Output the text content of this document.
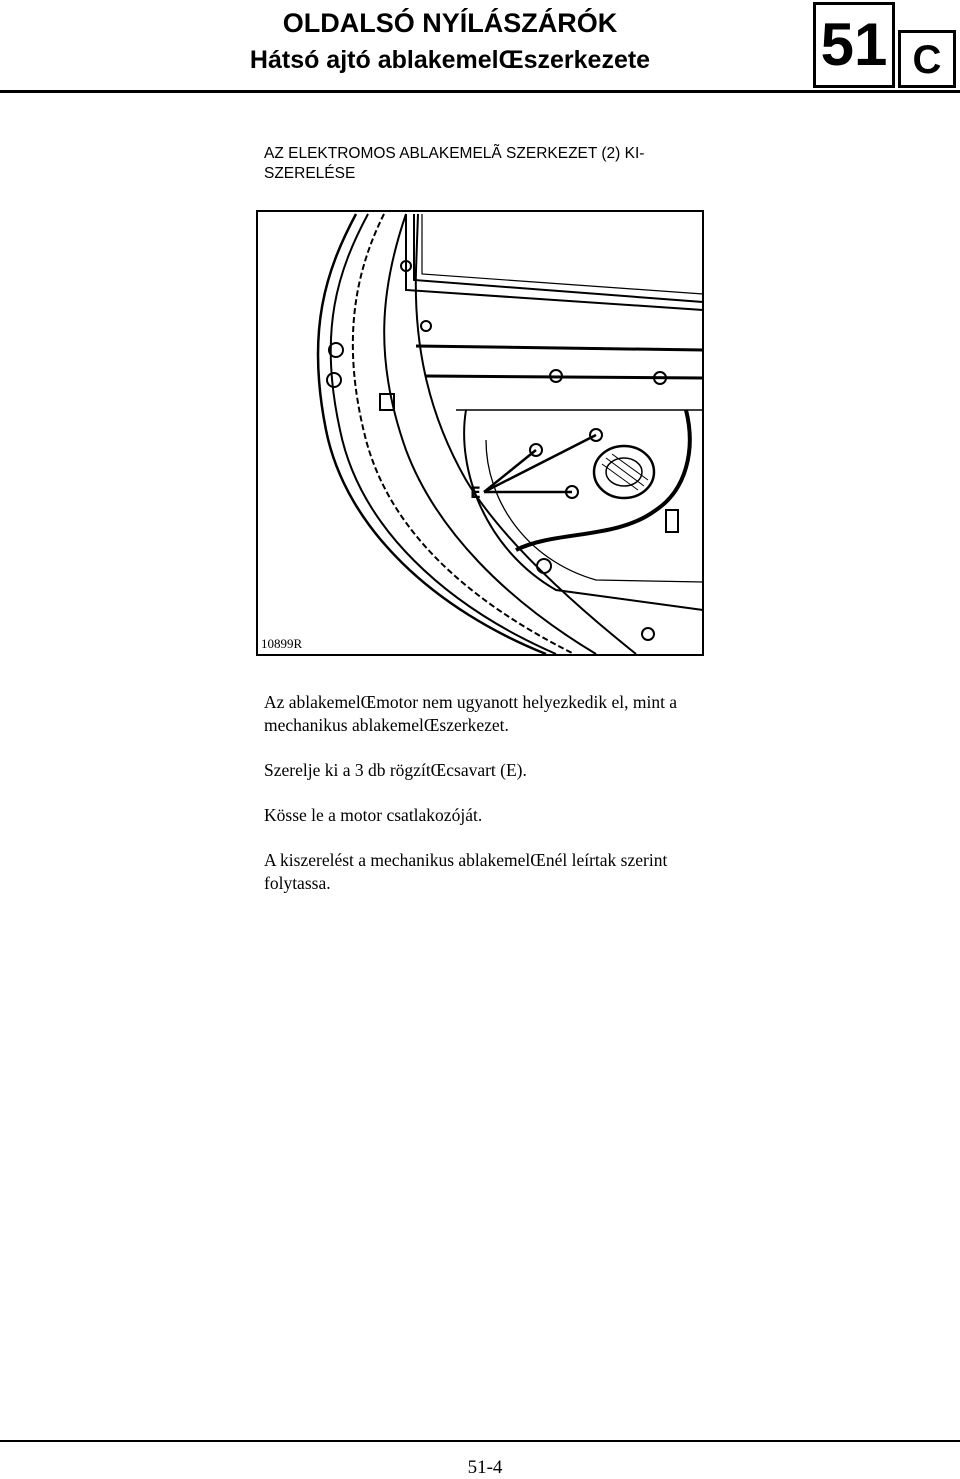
OLDALSÓ NYÍLÁSZÁRÓK
Hátsó ajtó ablakemelŒszerkezete	51 C
AZ ELEKTROMOS ABLAKEMELÃ SZERKEZET (2) KI-SZERELÉSE
E
10899R
Az ablakemelŒmotor nem ugyanott helyezkedik el, mint a mechanikus ablakemelŒszerkezet.
Szerelje ki a 3 db rögzítŒcsavart (E).
Kösse le a motor csatlakozóját.
A kiszerelést a mechanikus ablakemelŒnél leírtak szerint folytassa.
51-4
